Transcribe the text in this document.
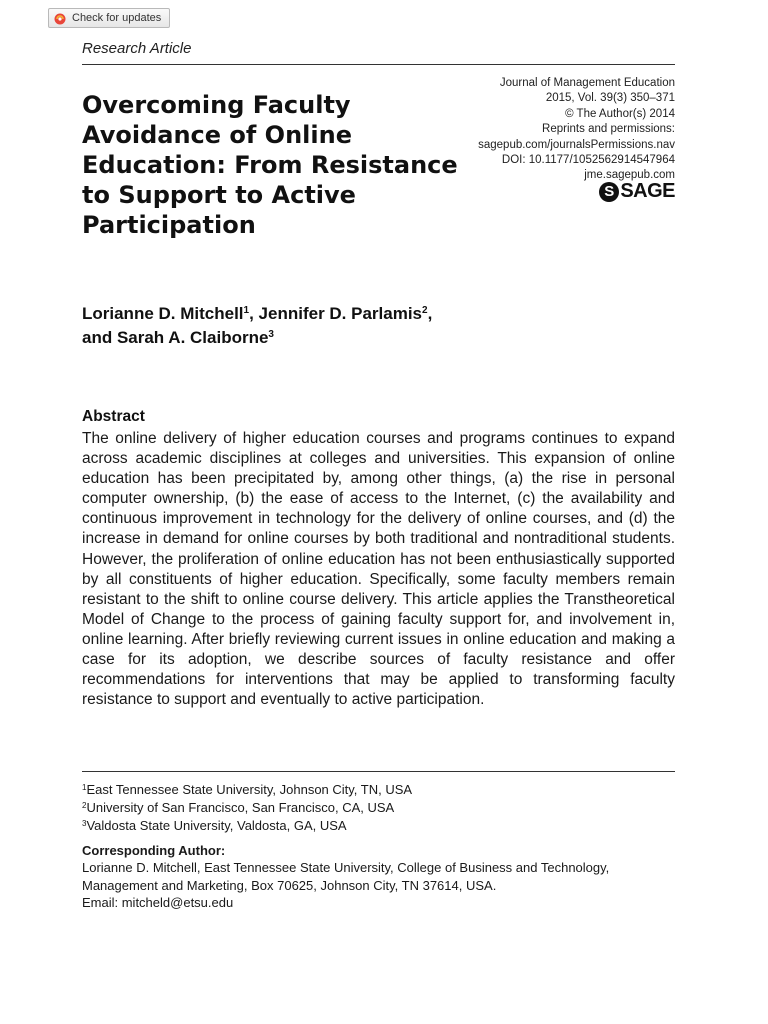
Check for updates
Research Article
Overcoming Faculty Avoidance of Online Education: From Resistance to Support to Active Participation
Journal of Management Education
2015, Vol. 39(3) 350–371
© The Author(s) 2014
Reprints and permissions:
sagepub.com/journalsPermissions.nav
DOI: 10.1177/1052562914547964
jme.sagepub.com
S SAGE
Lorianne D. Mitchell$^1$, Jennifer D. Parlamis$^2$,
and Sarah A. Claiborne$^3$
Abstract

The online delivery of higher education courses and programs continues to expand across academic disciplines at colleges and universities. This expansion of online education has been precipitated by, among other things, (a) the rise in personal computer ownership, (b) the ease of access to the Internet, (c) the availability and continuous improvement in technology for the delivery of online courses, and (d) the increase in demand for online courses by both traditional and nontraditional students. However, the proliferation of online education has not been enthusiastically supported by all constituents of higher education. Specifically, some faculty members remain resistant to the shift to online course delivery. This article applies the Transtheoretical Model of Change to the process of gaining faculty support for, and involvement in, online learning. After briefly reviewing current issues in online education and making a case for its adoption, we describe sources of faculty resistance and offer recommendations for interventions that may be applied to transforming faculty resistance to support and eventually to active participation.

$^1$East Tennessee State University, Johnson City, TN, USA
$^2$University of San Francisco, San Francisco, CA, USA
$^3$Valdosta State University, Valdosta, GA, USA
Corresponding Author:
Lorianne D. Mitchell, East Tennessee State University, College of Business and Technology,
Management and Marketing, Box 70625, Johnson City, TN 37614, USA.
Email: mitcheld@etsu.edu
